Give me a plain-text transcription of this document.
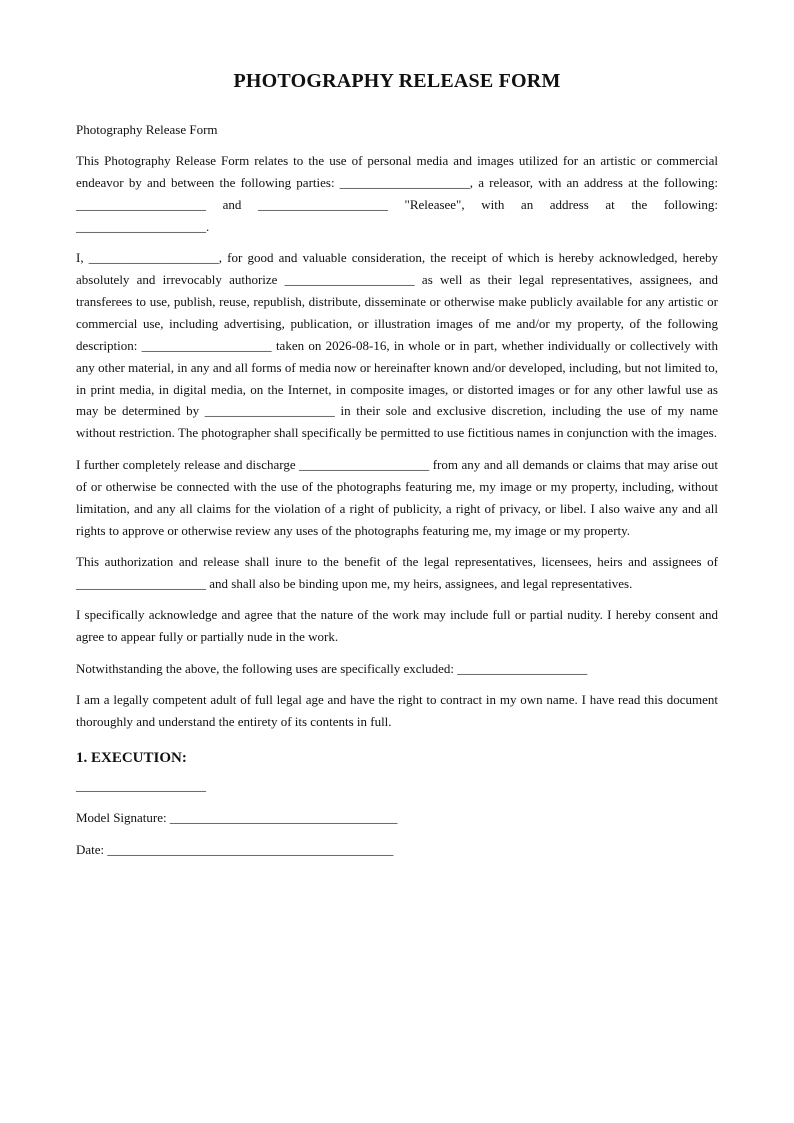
PHOTOGRAPHY RELEASE FORM
Photography Release Form

This Photography Release Form relates to the use of personal media and images utilized for an artistic or commercial endeavor by and between the following parties: ____________________, a releasor, with an address at the following: ____________________ and ____________________ "Releasee", with an address at the following: ____________________.

I, ____________________, for good and valuable consideration, the receipt of which is hereby acknowledged, hereby absolutely and irrevocably authorize ____________________ as well as their legal representatives, assignees, and transferees to use, publish, reuse, republish, distribute, disseminate or otherwise make publicly available for any artistic or commercial use, including advertising, publication, or illustration images of me and/or my property, of the following description: ____________________ taken on 2026-08-16, in whole or in part, whether individually or collectively with any other material, in any and all forms of media now or hereinafter known and/or developed, including, but not limited to, in print media, in digital media, on the Internet, in composite images, or distorted images or for any other lawful use as may be determined by ____________________ in their sole and exclusive discretion, including the use of my name without restriction. The photographer shall specifically be permitted to use fictitious names in conjunction with the images.

I further completely release and discharge ____________________ from any and all demands or claims that may arise out of or otherwise be connected with the use of the photographs featuring me, my image or my property, including, without limitation, and any all claims for the violation of a right of publicity, a right of privacy, or libel. I also waive any and all rights to approve or otherwise review any uses of the photographs featuring me, my image or my property.

This authorization and release shall inure to the benefit of the legal representatives, licensees, heirs and assignees of ____________________ and shall also be binding upon me, my heirs, assignees, and legal representatives.

I specifically acknowledge and agree that the nature of the work may include full or partial nudity. I hereby consent and agree to appear fully or partially nude in the work.

Notwithstanding the above, the following uses are specifically excluded: ____________________

I am a legally competent adult of full legal age and have the right to contract in my own name. I have read this document thoroughly and understand the entirety of its contents in full.

1. EXECUTION:
____________________
Model Signature: ___________________________________
Date: ____________________________________________
